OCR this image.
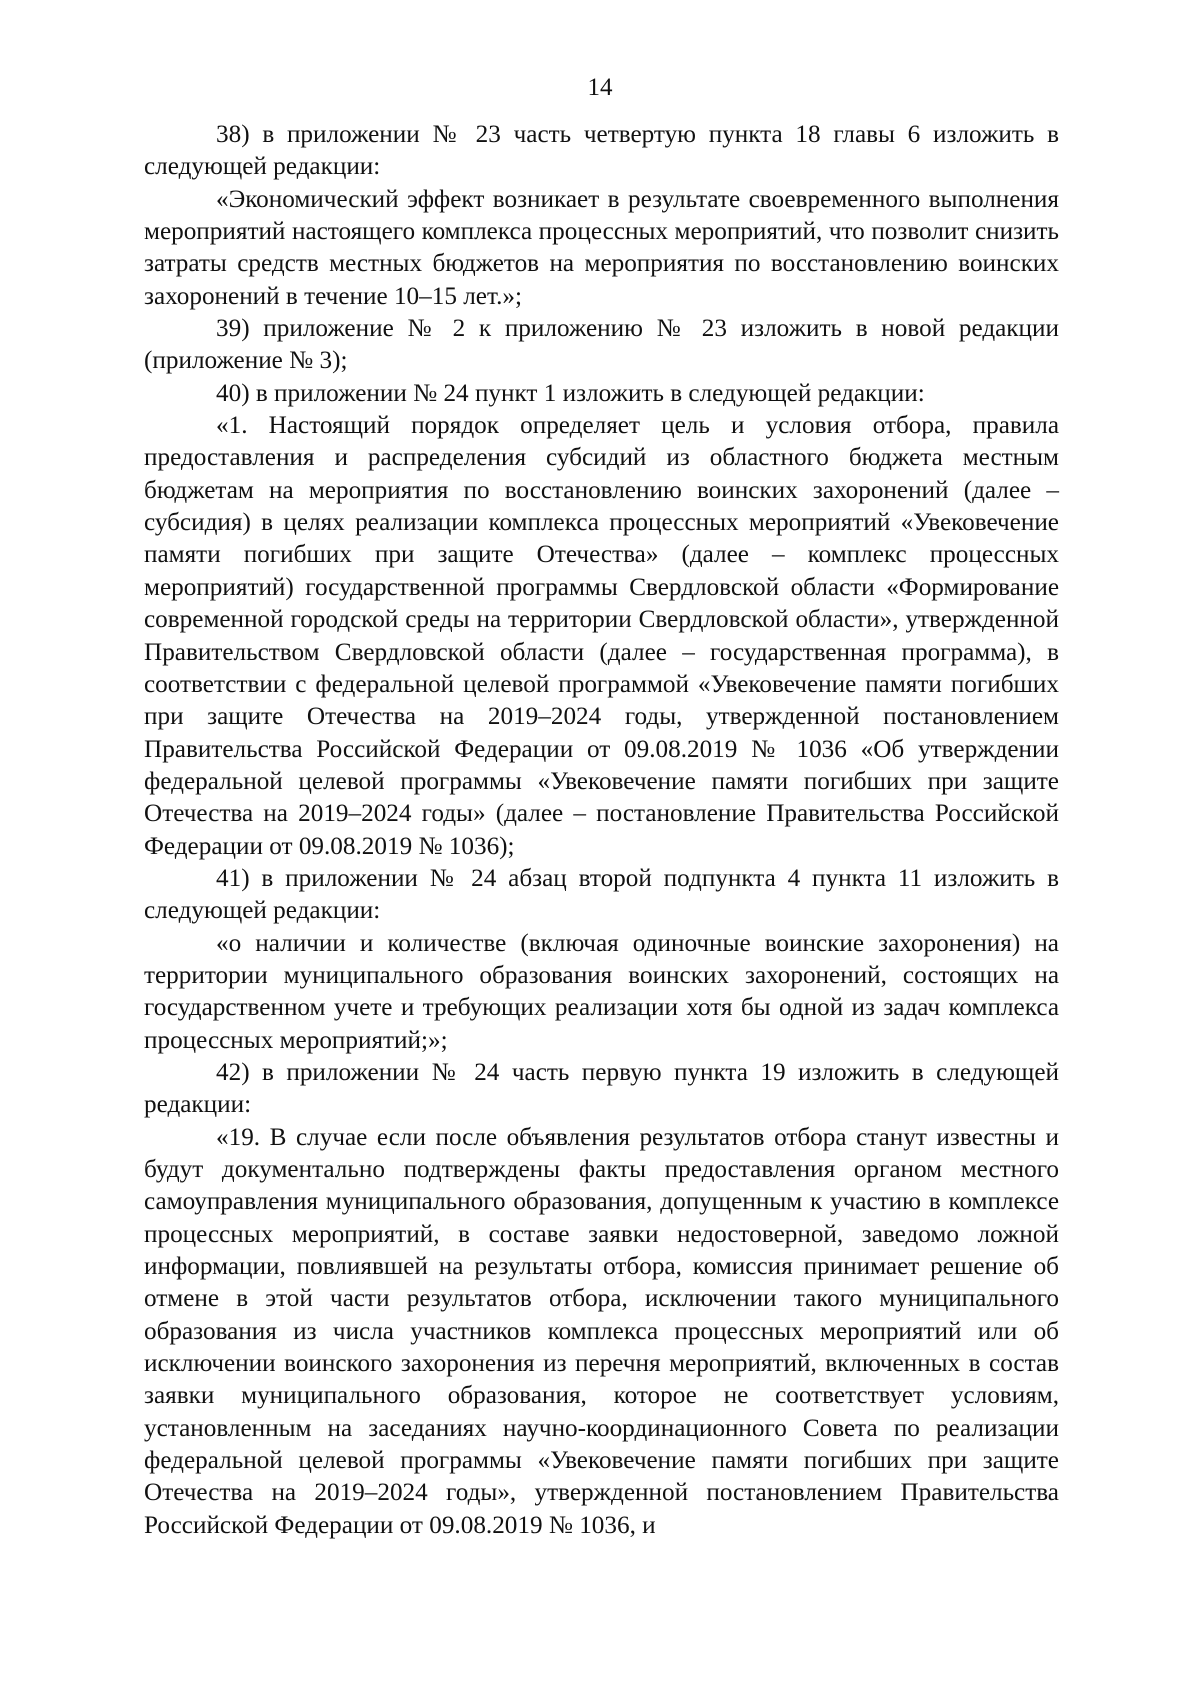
14

38) в приложении № 23 часть четвертую пункта 18 главы 6 изложить в следующей редакции:

«Экономический эффект возникает в результате своевременного выполнения мероприятий настоящего комплекса процессных мероприятий, что позволит снизить затраты средств местных бюджетов на мероприятия по восстановлению воинских захоронений в течение 10–15 лет.»;

39) приложение № 2 к приложению № 23 изложить в новой редакции (приложение № 3);

40) в приложении № 24 пункт 1 изложить в следующей редакции:

«1. Настоящий порядок определяет цель и условия отбора, правила предоставления и распределения субсидий из областного бюджета местным бюджетам на мероприятия по восстановлению воинских захоронений (далее – субсидия) в целях реализации комплекса процессных мероприятий «Увековечение памяти погибших при защите Отечества» (далее – комплекс процессных мероприятий) государственной программы Свердловской области «Формирование современной городской среды на территории Свердловской области», утвержденной Правительством Свердловской области (далее – государственная программа), в соответствии с федеральной целевой программой «Увековечение памяти погибших при защите Отечества на 2019–2024 годы, утвержденной постановлением Правительства Российской Федерации от 09.08.2019 № 1036 «Об утверждении федеральной целевой программы «Увековечение памяти погибших при защите Отечества на 2019–2024 годы» (далее – постановление Правительства Российской Федерации от 09.08.2019 № 1036);

41) в приложении № 24 абзац второй подпункта 4 пункта 11 изложить в следующей редакции:

«о наличии и количестве (включая одиночные воинские захоронения) на территории муниципального образования воинских захоронений, состоящих на государственном учете и требующих реализации хотя бы одной из задач комплекса процессных мероприятий;»;

42) в приложении № 24 часть первую пункта 19 изложить в следующей редакции:

«19. В случае если после объявления результатов отбора станут известны и будут документально подтверждены факты предоставления органом местного самоуправления муниципального образования, допущенным к участию в комплексе процессных мероприятий, в составе заявки недостоверной, заведомо ложной информации, повлиявшей на результаты отбора, комиссия принимает решение об отмене в этой части результатов отбора, исключении такого муниципального образования из числа участников комплекса процессных мероприятий или об исключении воинского захоронения из перечня мероприятий, включенных в состав заявки муниципального образования, которое не соответствует условиям, установленным на заседаниях научно-координационного Совета по реализации федеральной целевой программы «Увековечение памяти погибших при защите Отечества на 2019–2024 годы», утвержденной постановлением Правительства Российской Федерации от 09.08.2019 № 1036, и
